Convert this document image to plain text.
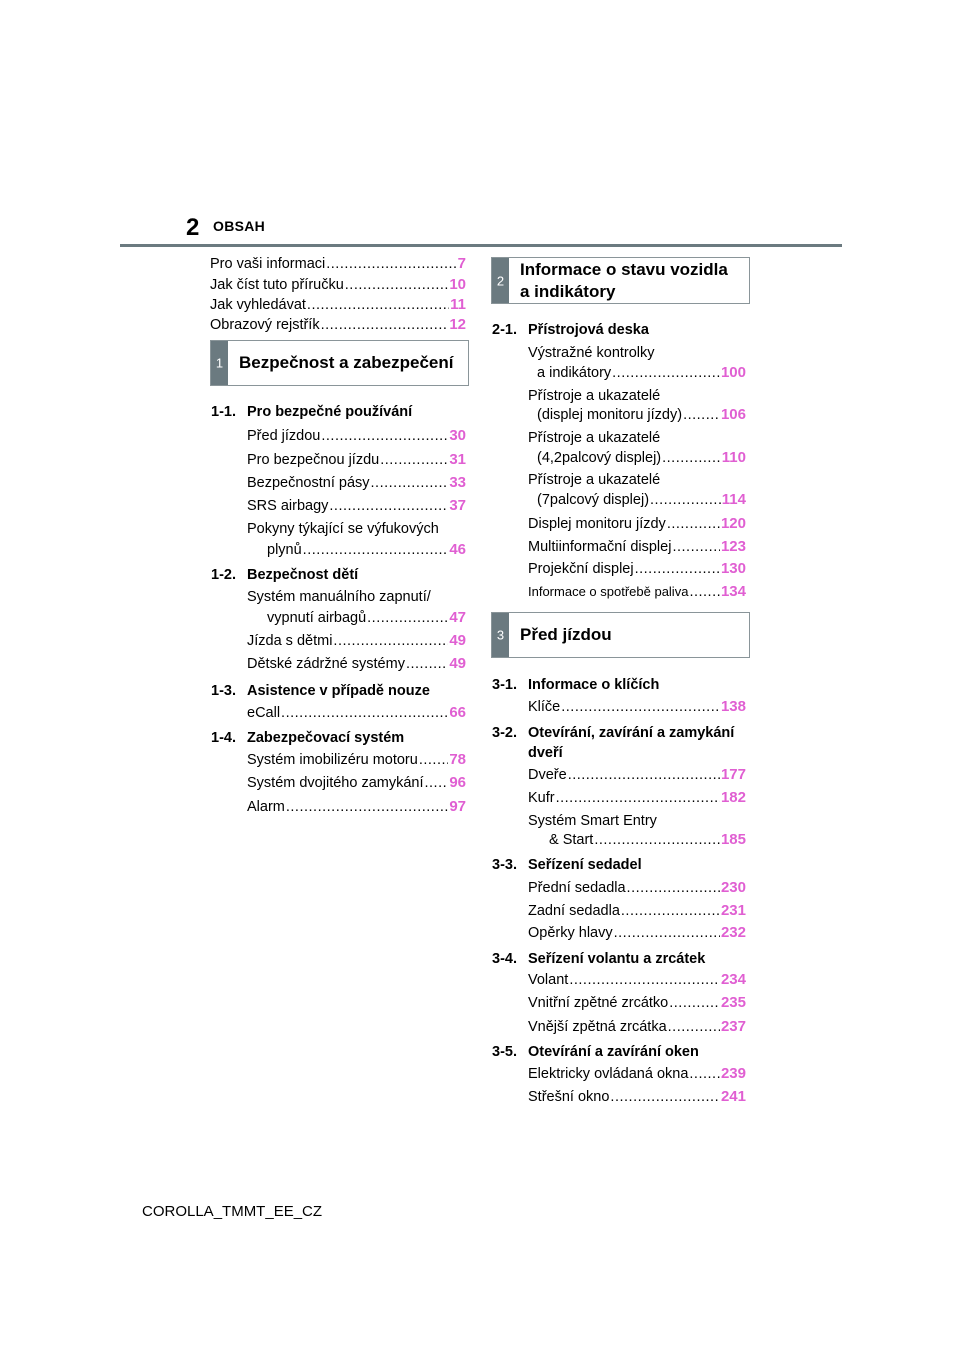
2 OBSAH
Pro vaši informaci .....	7
Jak číst tuto příručku .....	10
Jak vyhledávat .....	11
Obrazový rejstřík .....	12
1 Bezpečnost a zabezpečení
1-1. Pro bezpečné používání
Před jízdou .....	30
Pro bezpečnou jízdu .....	31
Bezpečnostní pásy .....	33
SRS airbagy .....	37
Pokyny týkající se výfukových
plynů .....	46
1-2. Bezpečnost dětí
Systém manuálního zapnutí/
vypnutí airbagů .....	47
Jízda s dětmi .....	49
Dětské zádržné systémy .....	49
1-3. Asistence v případě nouze
eCall .....	66
1-4. Zabezpečovací systém
Systém imobilizéru motoru ..... 78
Systém dvojitého zamykání ..... 96
Alarm .....	97
2
Informace o stavu vozidla
a indikátory
2-1. Přístrojová deska
Výstražné kontrolky
a indikátory .....	100
Přístroje a ukazatelé
(displej monitoru jízdy) .....	106
Přístroje a ukazatelé
(4,2palcový displej) .....	110
Přístroje a ukazatelé
(7palcový displej) .....	114
Displej monitoru jízdy .....	120
Multiinformační displej .....	123
Projekční displej .....	130
Informace o spotřebě paliva ..... 134
3 Před jízdou
3-1. Informace o klíčích
Klíče .....	138
3-2. Otevírání, zavírání a zamykání
dveří
Dveře .....	177
Kufr .....	182
Systém Smart Entry
& Start .....	185
3-3. Seřízení sedadel
Přední sedadla .....	230
Zadní sedadla .....	231
Opěrky hlavy .....	232
3-4. Seřízení volantu a zrcátek
Volant .....	234
Vnitřní zpětné zrcátko .....	235
Vnější zpětná zrcátka .....	237
3-5. Otevírání a zavírání oken
Elektricky ovládaná okna ..... 239
Střešní okno .....	241
COROLLA_TMMT_EE_CZ
